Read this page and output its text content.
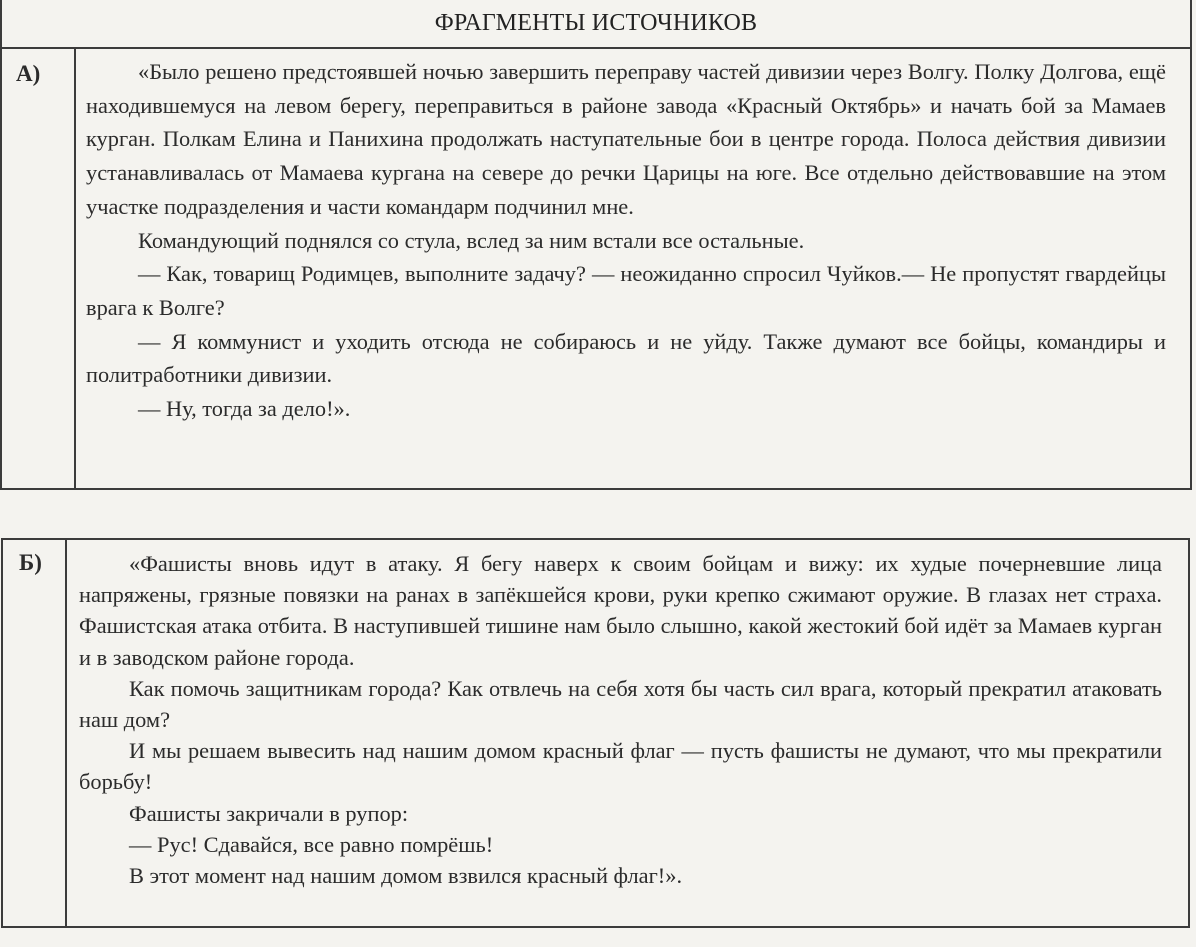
ФРАГМЕНТЫ ИСТОЧНИКОВ
А)	«Было решено предстоявшей ночью завершить переправу частей дивизии через Волгу. Полку Долгова, ещё находившемуся на левом берегу, переправиться в районе завода «Красный Октябрь» и начать бой за Мамаев курган. Полкам Елина и Панихина продолжать наступательные бои в центре города. Полоса действия дивизии устанавливалась от Мамаева кургана на севере до речки Царицы на юге. Все отдельно действовавшие на этом участке подразделения и части командарм подчинил мне.

Командующий поднялся со стула, вслед за ним встали все остальные.

— Как, товарищ Родимцев, выполните задачу? — неожиданно спросил Чуйков.— Не пропустят гвардейцы врага к Волге?

— Я коммунист и уходить отсюда не собираюсь и не уйду. Также думают все бойцы, командиры и политработники дивизии.

— Ну, тогда за дело!».

Б)	«Фашисты вновь идут в атаку. Я бегу наверх к своим бойцам и вижу: их худые почерневшие лица напряжены, грязные повязки на ранах в запёкшейся крови, руки крепко сжимают оружие. В глазах нет страха. Фашистская атака отбита. В наступившей тишине нам было слышно, какой жестокий бой идёт за Мамаев курган и в заводском районе города.

Как помочь защитникам города? Как отвлечь на себя хотя бы часть сил врага, который прекратил атаковать наш дом?

И мы решаем вывесить над нашим домом красный флаг — пусть фашисты не думают, что мы прекратили борьбу!

Фашисты закричали в рупор:

— Рус! Сдавайся, все равно помрёшь!

В этот момент над нашим домом взвился красный флаг!».
